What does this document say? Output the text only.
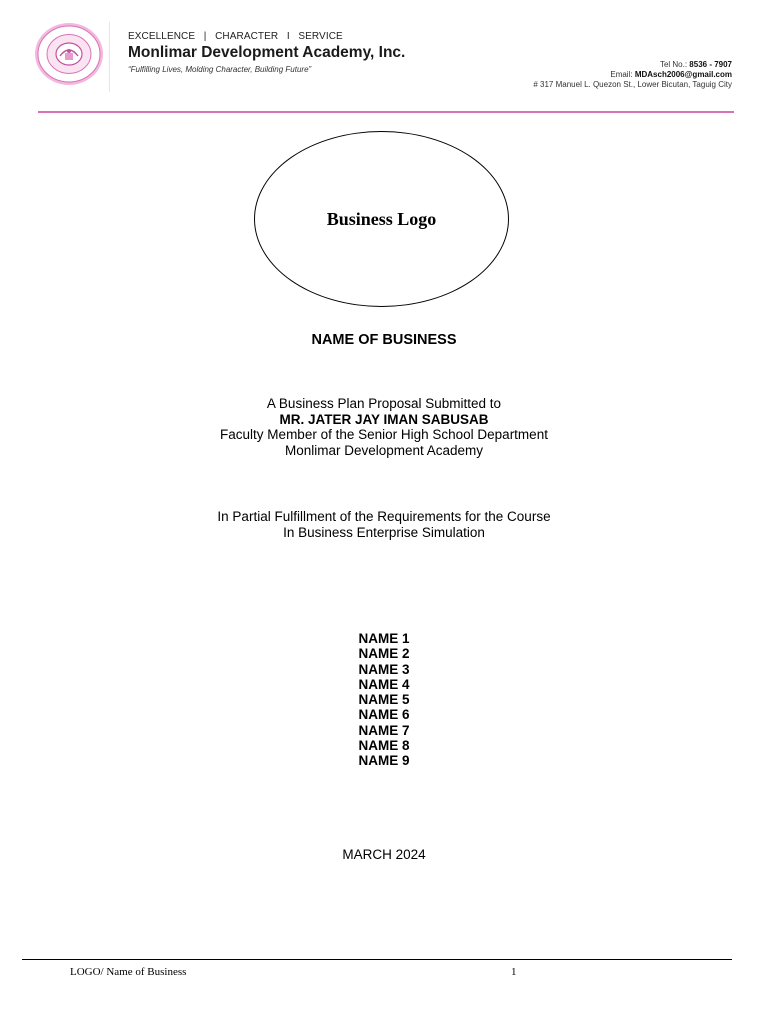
EXCELLENCE   |   CHARACTER   I   SERVICE
Monlimar Development Academy, Inc.
“Fulfilling Lives, Molding Character, Building Future”
Tel No.: 8536 - 7907
Email: MDAsch2006@gmail.com
# 317 Manuel L. Quezon St., Lower Bicutan, Taguig City
Business Logo
NAME OF BUSINESS
A Business Plan Proposal Submitted to
MR. JATER JAY IMAN SABUSAB
Faculty Member of the Senior High School Department
Monlimar Development Academy
In Partial Fulfillment of the Requirements for the Course
In Business Enterprise Simulation
NAME 1
NAME 2
NAME 3
NAME 4
NAME 5
NAME 6
NAME 7
NAME 8
NAME 9
MARCH 2024
LOGO/ Name of Business	1
